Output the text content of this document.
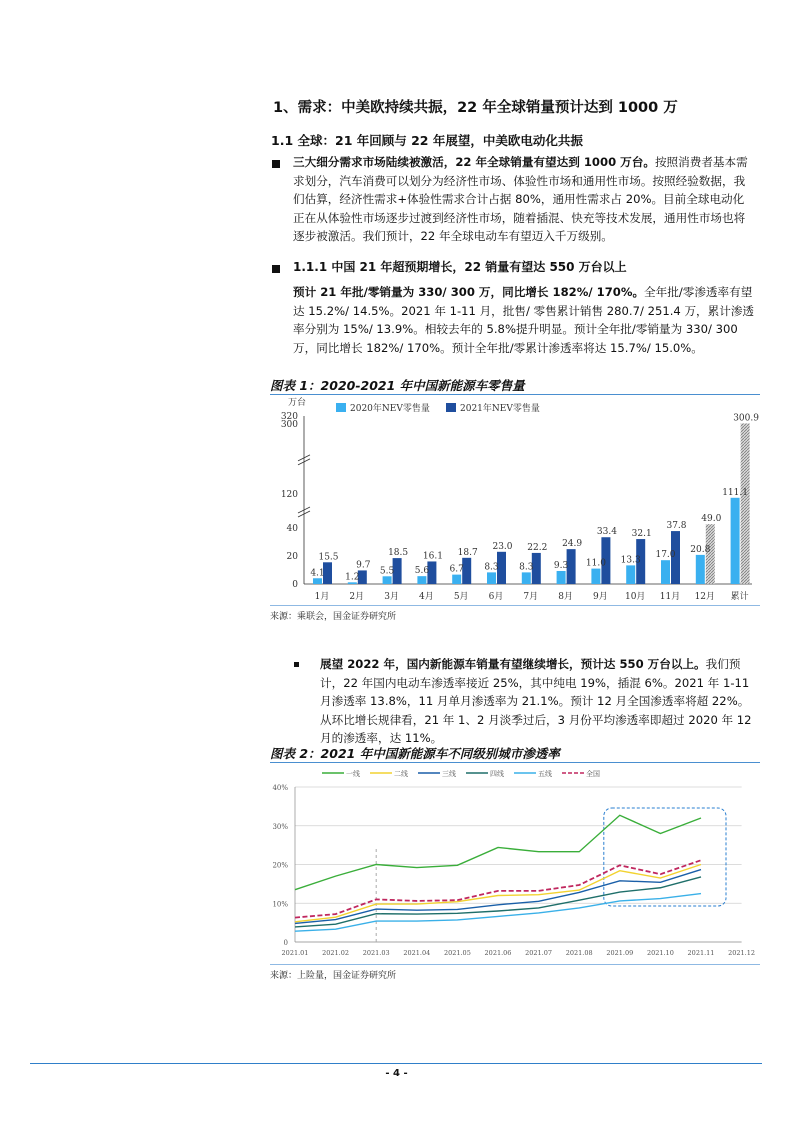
1、需求：中美欧持续共振，22 年全球销量预计达到 1000 万
1.1 全球：21 年回顾与 22 年展望，中美欧电动化共振
三大细分需求市场陆续被激活，22 年全球销量有望达到 1000 万台。按照消费者基本需求划分，汽车消费可以划分为经济性市场、体验性市场和通用性市场。按照经验数据，我们估算，经济性需求+体验性需求合计占据 80%，通用性需求占 20%。目前全球电动化正在从体验性市场逐步过渡到经济性市场，随着插混、快充等技术发展，通用性市场也将逐步被激活。我们预计，22 年全球电动车有望迈入千万级别。
1.1.1 中国 21 年超预期增长，22 销量有望达 550 万台以上
预计 21 年批/零销量为 330/ 300 万，同比增长 182%/ 170%。全年批/零渗透率有望达 15.2%/ 14.5%。2021 年 1-11 月，批售/ 零售累计销售 280.7/ 251.4 万，累计渗透率分别为 15%/ 13.9%。相较去年的 5.8%提升明显。预计全年批/零销量为 330/ 300 万，同比增长 182%/ 170%。预计全年批/零累计渗透率将达 15.7%/ 15.0%。
图表 1：2020-2021 年中国新能源车零售量
万台
2020年NEV零售量	2021年NEV零售量
0
20
40
120
300
320
4.1
15.5
1月
1.2
9.7
2月
5.5
18.5
3月
5.6
16.1
4月
6.7
18.7
5月
8.3
23.0
6月
8.3
22.2
7月
9.3
24.9
8月
11.0
33.4
9月
13.3
32.1
10月
17.0
37.8
11月
20.8
49.0
12月
111.1
300.9
累计
来源：乘联会，国金证券研究所
展望 2022 年，国内新能源车销量有望继续增长，预计达 550 万台以上。我们预计，22 年国内电动车渗透率接近 25%，其中纯电 19%，插混 6%。2021 年 1-11 月渗透率 13.8%，11 月单月渗透率为 21.1%。预计 12 月全国渗透率将超 22%。从环比增长规律看，21 年 1、2 月淡季过后，3 月份平均渗透率即超过 2020 年 12 月的渗透率，达 11%。
图表 2：2021 年中国新能源车不同级别城市渗透率
一线	二线	三线	四线	五线	全国
0
10%
20%
30%
40%
2021.01 2021.02 2021.03 2021.04 2021.05 2021.06 2021.07 2021.08 2021.09 2021.10 2021.11 2021.12
来源：上险量，国金证券研究所
- 4 -
